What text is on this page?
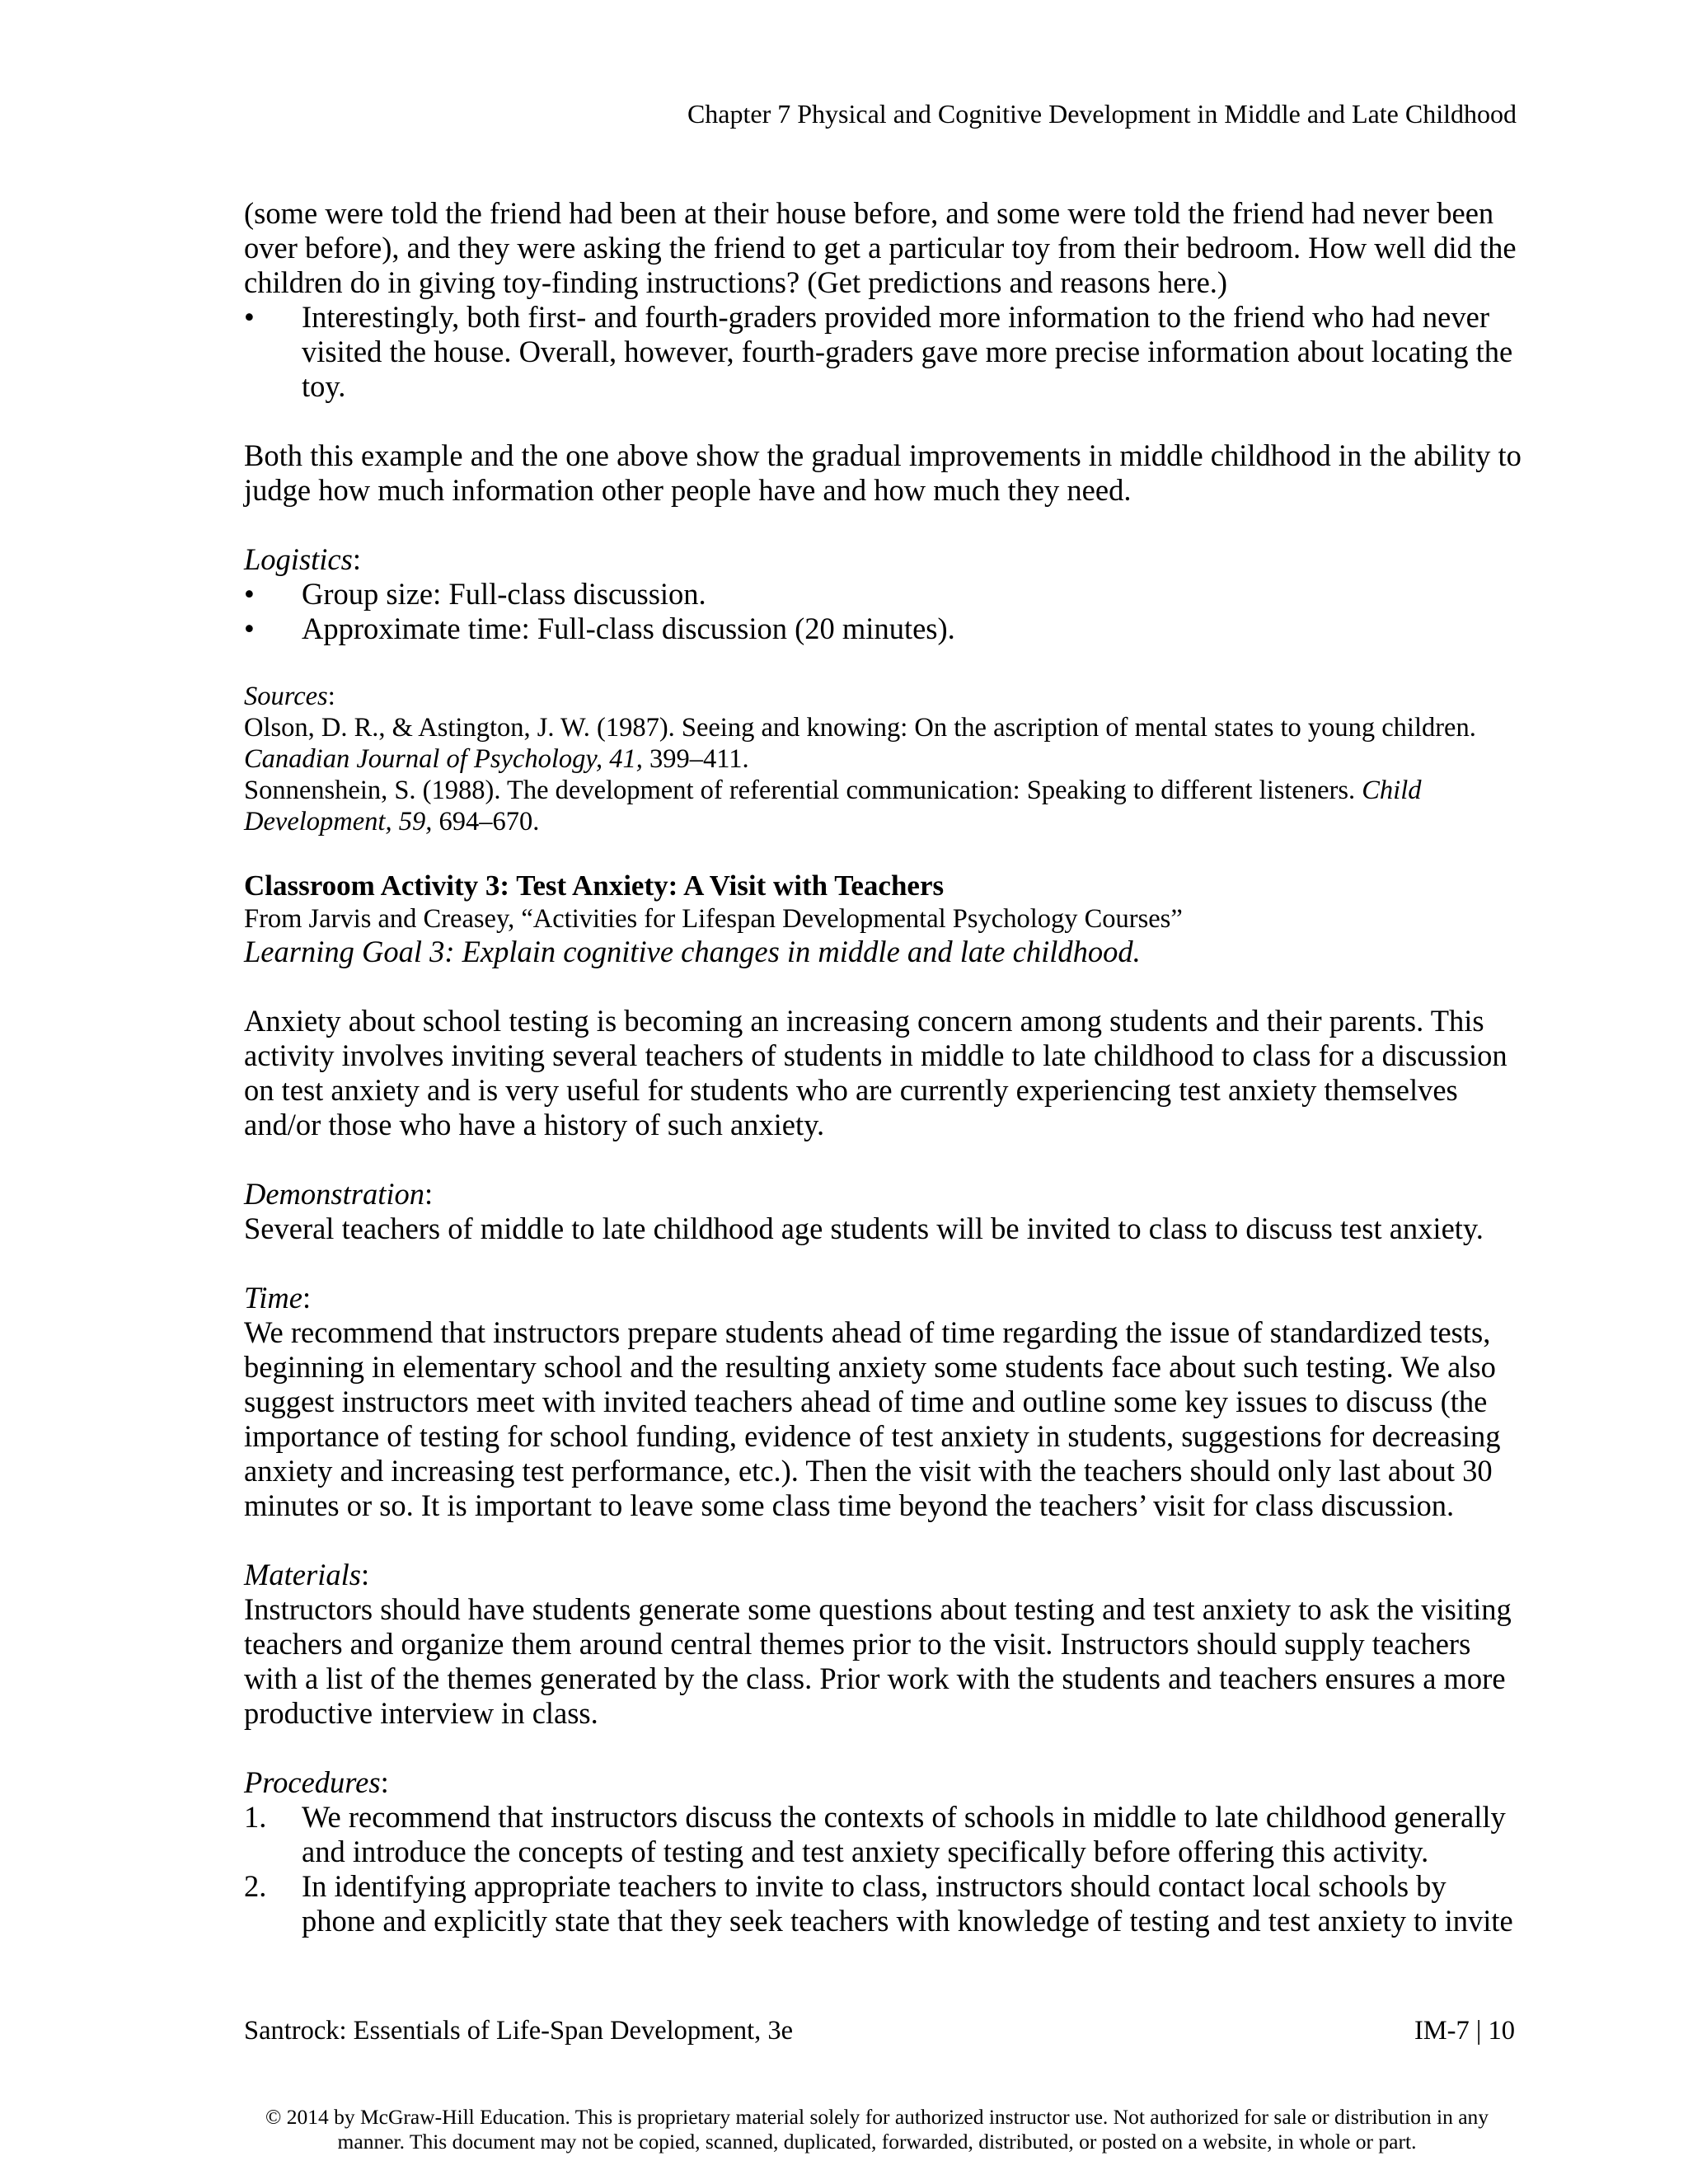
Chapter 7 Physical and Cognitive Development in Middle and Late Childhood

(some were told the friend had been at their house before, and some were told the friend had never been over before), and they were asking the friend to get a particular toy from their bedroom. How well did the children do in giving toy-finding instructions? (Get predictions and reasons here.)

•	Interestingly, both first- and fourth-graders provided more information to the friend who had never visited the house. Overall, however, fourth-graders gave more precise information about locating the toy.

Both this example and the one above show the gradual improvements in middle childhood in the ability to judge how much information other people have and how much they need.

Logistics:

•	Group size: Full-class discussion.
•	Approximate time: Full-class discussion (20 minutes).

Sources:

Olson, D. R., & Astington, J. W. (1987). Seeing and knowing: On the ascription of mental states to young children. Canadian Journal of Psychology, 41, 399–411.

Sonnenshein, S. (1988). The development of referential communication: Speaking to different listeners. Child Development, 59, 694–670.

Classroom Activity 3: Test Anxiety: A Visit with Teachers

From Jarvis and Creasey, “Activities for Lifespan Developmental Psychology Courses”

Learning Goal 3: Explain cognitive changes in middle and late childhood.

Anxiety about school testing is becoming an increasing concern among students and their parents. This activity involves inviting several teachers of students in middle to late childhood to class for a discussion on test anxiety and is very useful for students who are currently experiencing test anxiety themselves and/or those who have a history of such anxiety.

Demonstration:

Several teachers of middle to late childhood age students will be invited to class to discuss test anxiety.

Time:

We recommend that instructors prepare students ahead of time regarding the issue of standardized tests, beginning in elementary school and the resulting anxiety some students face about such testing. We also suggest instructors meet with invited teachers ahead of time and outline some key issues to discuss (the importance of testing for school funding, evidence of test anxiety in students, suggestions for decreasing anxiety and increasing test performance, etc.). Then the visit with the teachers should only last about 30 minutes or so. It is important to leave some class time beyond the teachers’ visit for class discussion.

Materials:

Instructors should have students generate some questions about testing and test anxiety to ask the visiting teachers and organize them around central themes prior to the visit. Instructors should supply teachers with a list of the themes generated by the class. Prior work with the students and teachers ensures a more productive interview in class.

Procedures:

1.	We recommend that instructors discuss the contexts of schools in middle to late childhood generally and introduce the concepts of testing and test anxiety specifically before offering this activity.
2.	In identifying appropriate teachers to invite to class, instructors should contact local schools by phone and explicitly state that they seek teachers with knowledge of testing and test anxiety to invite
Santrock: Essentials of Life-Span Development, 3e	IM-7 | 10
© 2014 by McGraw-Hill Education. This is proprietary material solely for authorized instructor use. Not authorized for sale or distribution in any manner. This document may not be copied, scanned, duplicated, forwarded, distributed, or posted on a website, in whole or part.
